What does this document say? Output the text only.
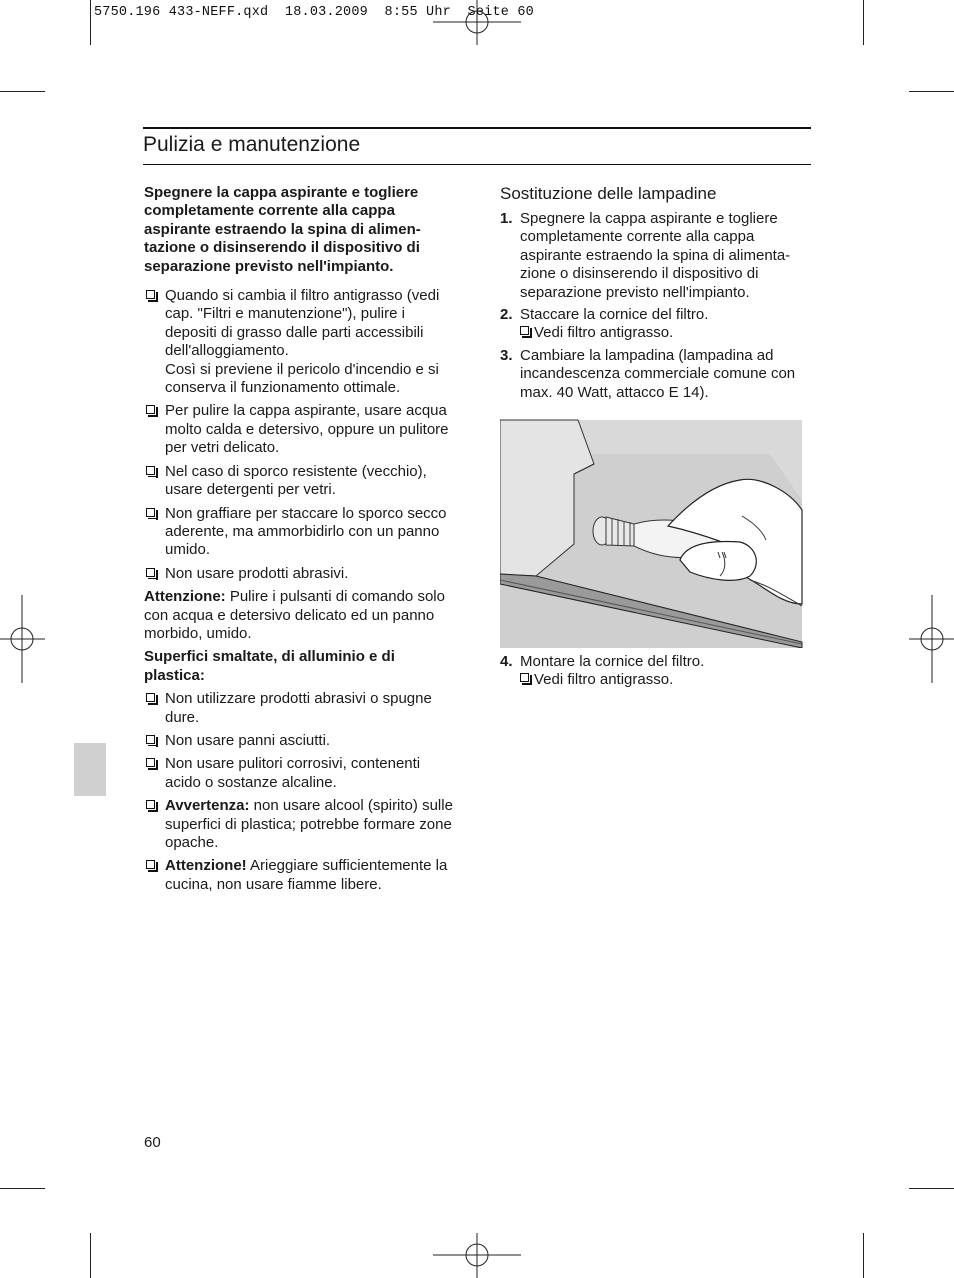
5750.196 433-NEFF.qxd  18.03.2009  8:55 Uhr  Seite 60
Pulizia e manutenzione

Spegnere la cappa aspirante e togliere completamente corrente alla cappa aspirante estraendo la spina di alimen-tazione o disinserendo il dispositivo di separazione previsto nell'impianto.

Quando si cambia il filtro antigrasso (vedi cap. "Filtri e manutenzione"), pulire i depositi di grasso dalle parti accessibili dell'alloggiamento.
Così si previene il pericolo d'incendio e si conserva il funzionamento ottimale.
Per pulire la cappa aspirante, usare acqua molto calda e detersivo, oppure un pulitore per vetri delicato.
Nel caso di sporco resistente (vecchio), usare detergenti per vetri.
Non graffiare per staccare lo sporco secco aderente, ma ammorbidirlo con un panno umido.
Non usare prodotti abrasivi.

Attenzione: Pulire i pulsanti di comando solo con acqua e detersivo delicato ed un panno morbido, umido.

Superfici smaltate, di alluminio e di plastica:

Non utilizzare prodotti abrasivi o spugne dure.
Non usare panni asciutti.
Non usare pulitori corrosivi, contenenti acido o sostanze alcaline.
Avvertenza: non usare alcool (spirito) sulle superfici di plastica; potrebbe formare zone opache.
Attenzione! Arieggiare sufficientemente la cucina, non usare fiamme libere.
Sostituzione delle lampadine
1. Spegnere la cappa aspirante e togliere completamente corrente alla cappa aspirante estraendo la spina di alimenta-zione o disinserendo il dispositivo di separazione previsto nell'impianto.
2. Staccare la cornice del filtro.

Vedi filtro antigrasso.
3. Cambiare la lampadina (lampadina ad incandescenza commerciale comune con max. 40 Watt, attacco E 14).
4. Montare la cornice del filtro.

Vedi filtro antigrasso.
60
